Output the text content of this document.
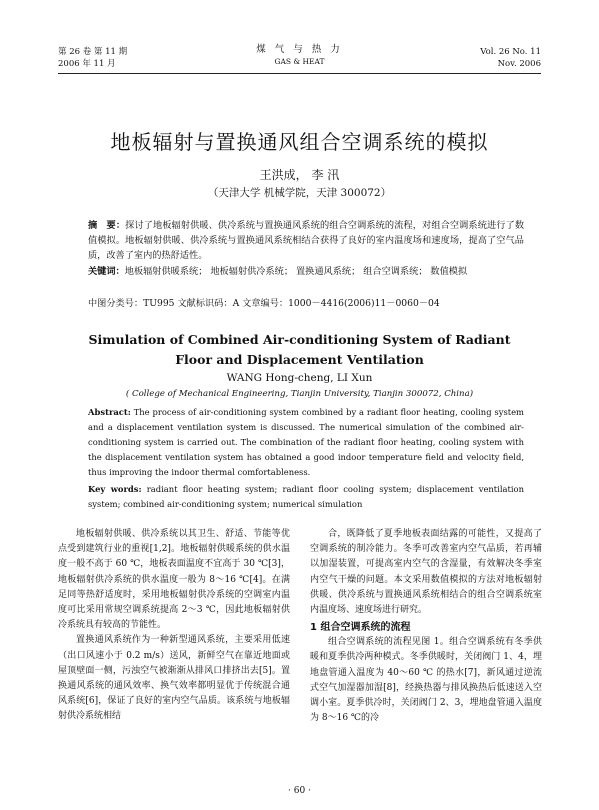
第 26 卷 第 11 期
2006 年 11 月
煤 气 与 热 力
GAS & HEAT
Vol. 26 No. 11
Nov. 2006
地板辐射与置换通风组合空调系统的模拟
王洪成， 李 汛
（天津大学 机械学院，天津 300072）
摘　要：探讨了地板辐射供暖、供冷系统与置换通风系统的组合空调系统的流程，对组合空调系统进行了数值模拟。地板辐射供暖、供冷系统与置换通风系统相结合获得了良好的室内温度场和速度场，提高了空气品质，改善了室内的热舒适性。
关键词：地板辐射供暖系统； 地板辐射供冷系统； 置换通风系统； 组合空调系统； 数值模拟
中图分类号：TU995 文献标识码：A 文章编号：1000－4416(2006)11－0060－04
Simulation of Combined Air-conditioning System of Radiant
Floor and Displacement Ventilation
WANG Hong-cheng, LI Xun
( College of Mechanical Engineering, Tianjin University, Tianjin 300072, China)
Abstract: The process of air-conditioning system combined by a radiant floor heating, cooling system and a displacement ventilation system is discussed. The numerical simulation of the combined air-conditioning system is carried out. The combination of the radiant floor heating, cooling system with the displacement ventilation system has obtained a good indoor temperature field and velocity field, thus improving the indoor thermal comfortableness.
Key words: radiant floor heating system; radiant floor cooling system; displacement ventilation system; combined air-conditioning system; numerical simulation

地板辐射供暖、供冷系统以其卫生、舒适、节能等优点受到建筑行业的重视[1,2]。地板辐射供暖系统的供水温度一般不高于 60 ℃，地板表面温度不宜高于 30 ℃[3]，地板辐射供冷系统的供水温度一般为 8～16 ℃[4]。在满足同等热舒适度时，采用地板辐射供冷系统的空调室内温度可比采用常规空调系统提高 2～3 ℃，因此地板辐射供冷系统具有较高的节能性。

置换通风系统作为一种新型通风系统，主要采用低速（出口风速小于 0.2 m/s）送风，新鲜空气在靠近地面或屋顶壁面一侧，污浊空气被渐渐从排风口排挤出去[5]。置换通风系统的通风效率、换气效率都明显优于传统混合通风系统[6]，保证了良好的室内空气品质。该系统与地板辐射供冷系统相结

合，既降低了夏季地板表面结露的可能性，又提高了空调系统的制冷能力。冬季可改善室内空气品质，若再辅以加湿装置，可提高室内空气的含湿量，有效解决冬季室内空气干燥的问题。本文采用数值模拟的方法对地板辐射供暖、供冷系统与置换通风系统相结合的组合空调系统室内温度场、速度场进行研究。

1 组合空调系统的流程

组合空调系统的流程见图 1。组合空调系统有冬季供暖和夏季供冷两种模式。冬季供暖时，关闭阀门 1、4，埋地盘管通入温度为 40～60 ℃ 的热水[7]，新风通过逆流式空气加湿器加湿[8]，经换热器与排风换热后低速送入空调小室。夏季供冷时，关闭阀门 2、3，埋地盘管通入温度为 8～16 ℃的冷

· 60 ·
